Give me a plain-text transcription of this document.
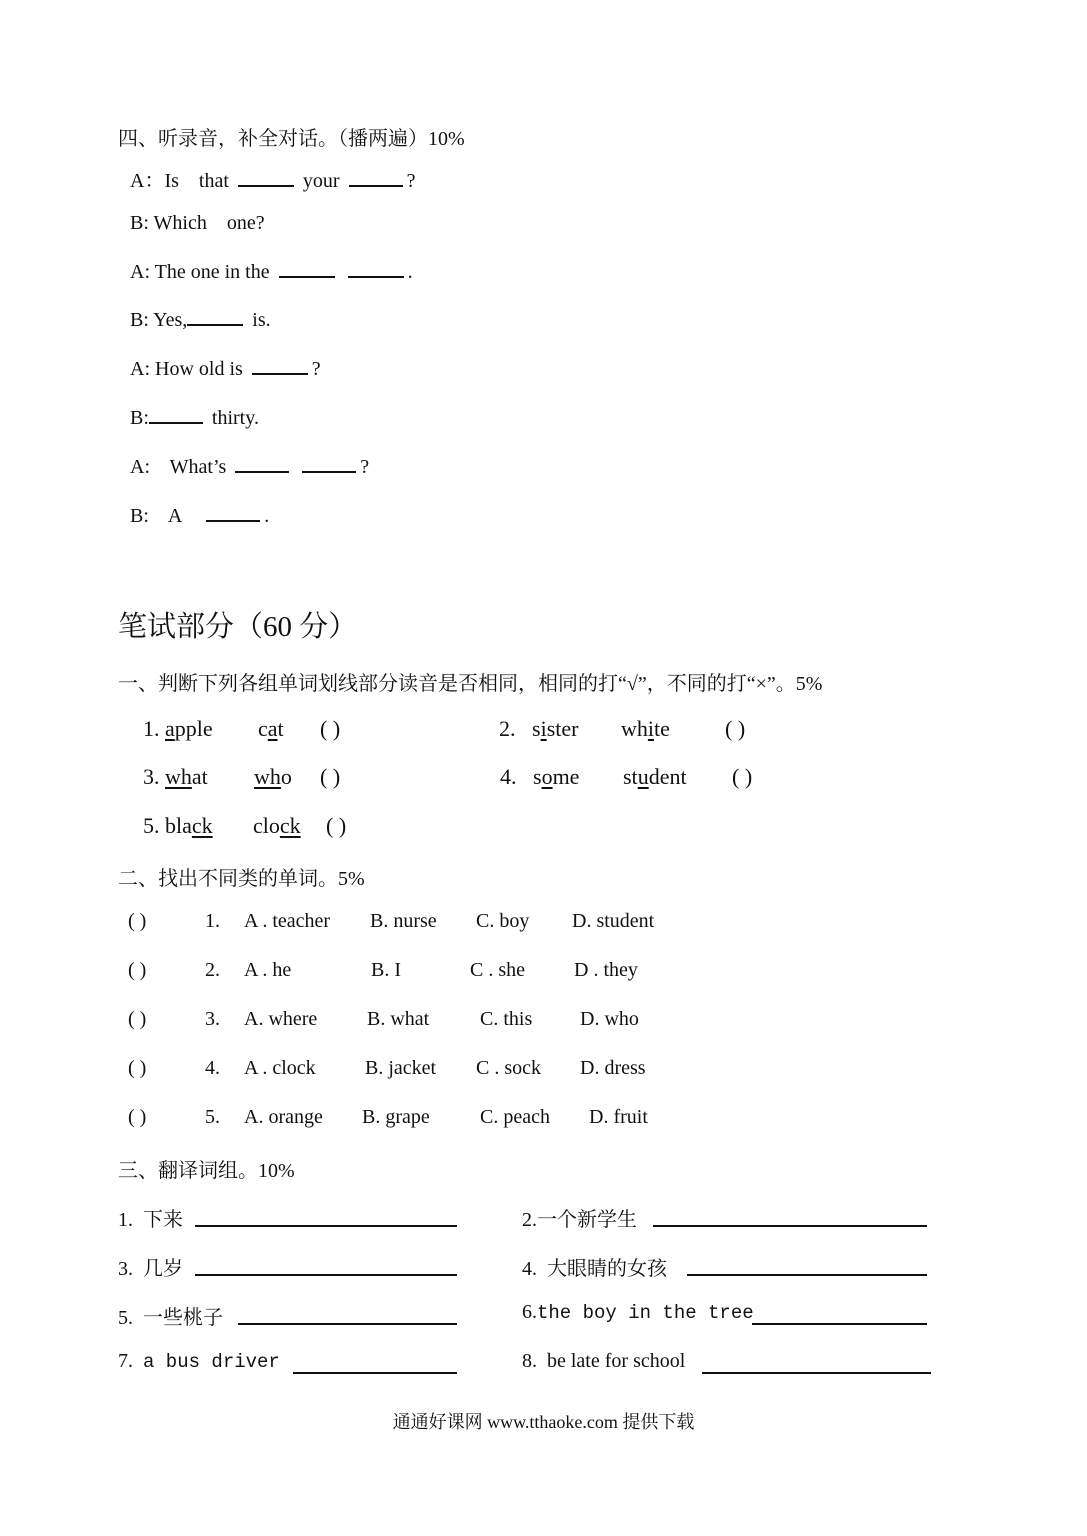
四、听录音，补全对话。（播两遍）10%
A：Is that	your	?
B: Which one?
A: The one in the	.
B: Yes,	is.
A: How old is	?
B:	thirty.
A: What’s	?
B: A	.
笔试部分（60 分）
一、判断下列各组单词划线部分读音是否相同，相同的打“√”，不同的打“×”。5%
1. apple cat ( )	2. sister white	( )
3. what who ( )	4. some student ( )
5. black clock ( )
二、找出不同类的单词。5%
( )	1. A . teacher B. nurse C. boy D. student
( )	2. A . he	B. I	C . she D . they
( )	3. A. where B. what	C. this D. who
( )	4. A . clock B. jacket C . sock D. dress
( )	5. A. orange B. grape	C. peach D. fruit
三、翻译词组。10%
1. 下来	2.一个新学生
3. 几岁	4. 大眼睛的女孩
5. 一些桃子	6.the boy in the tree
7. a bus driver	8. be late for school
通通好课网 www.tthaoke.com 提供下载
